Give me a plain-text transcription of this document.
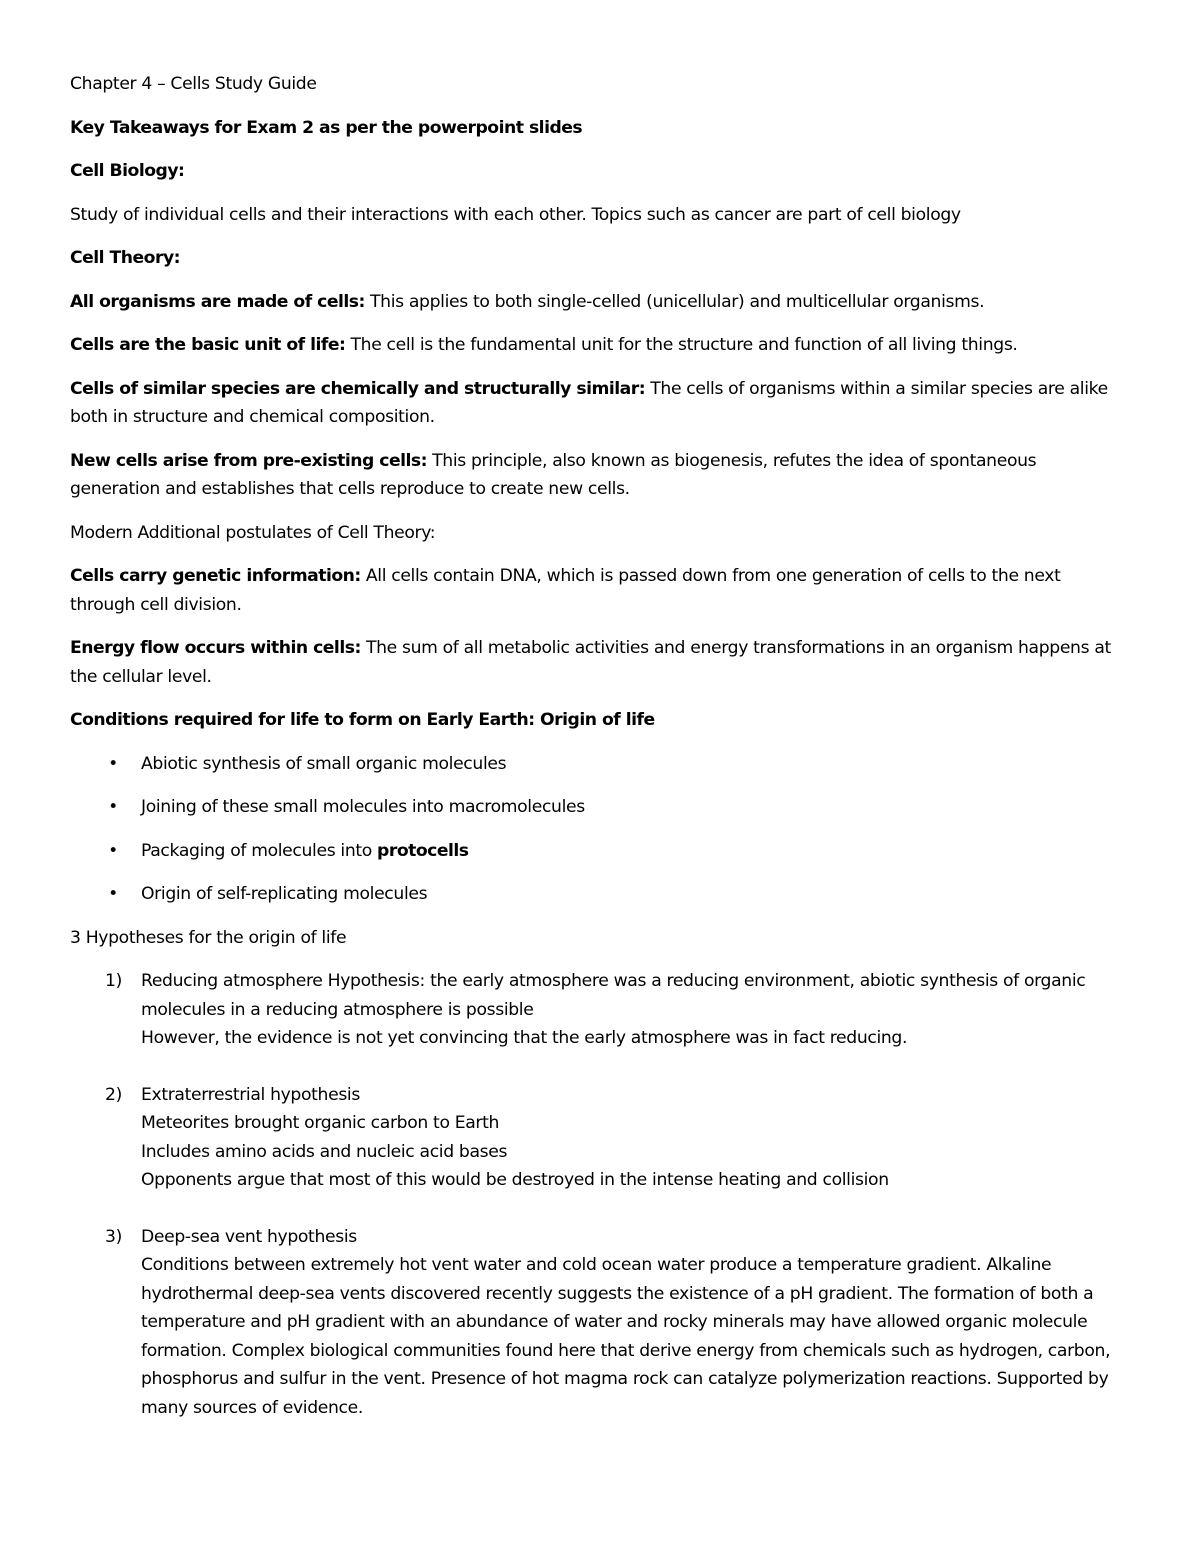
Chapter 4 – Cells Study Guide

Key Takeaways for Exam 2 as per the powerpoint slides

Cell Biology:

Study of individual cells and their interactions with each other. Topics such as cancer are part of cell biology

Cell Theory:

All organisms are made of cells: This applies to both single-celled (unicellular) and multicellular organisms.

Cells are the basic unit of life: The cell is the fundamental unit for the structure and function of all living things.

Cells of similar species are chemically and structurally similar: The cells of organisms within a similar species are alike both in structure and chemical composition.

New cells arise from pre-existing cells: This principle, also known as biogenesis, refutes the idea of spontaneous generation and establishes that cells reproduce to create new cells.

Modern Additional postulates of Cell Theory:

Cells carry genetic information: All cells contain DNA, which is passed down from one generation of cells to the next through cell division.

Energy flow occurs within cells: The sum of all metabolic activities and energy transformations in an organism happens at the cellular level.

Conditions required for life to form on Early Earth: Origin of life

• Abiotic synthesis of small organic molecules
• Joining of these small molecules into macromolecules
• Packaging of molecules into protocells
• Origin of self-replicating molecules

3 Hypotheses for the origin of life

1) Reducing atmosphere Hypothesis: the early atmosphere was a reducing environment, abiotic synthesis of organic molecules in a reducing atmosphere is possible
However, the evidence is not yet convincing that the early atmosphere was in fact reducing.
2) Extraterrestrial hypothesis
Meteorites brought organic carbon to Earth
Includes amino acids and nucleic acid bases
Opponents argue that most of this would be destroyed in the intense heating and collision
3) Deep-sea vent hypothesis
Conditions between extremely hot vent water and cold ocean water produce a temperature gradient. Alkaline hydrothermal deep-sea vents discovered recently suggests the existence of a pH gradient. The formation of both a temperature and pH gradient with an abundance of water and rocky minerals may have allowed organic molecule formation. Complex biological communities found here that derive energy from chemicals such as hydrogen, carbon, phosphorus and sulfur in the vent. Presence of hot magma rock can catalyze polymerization reactions. Supported by many sources of evidence.
